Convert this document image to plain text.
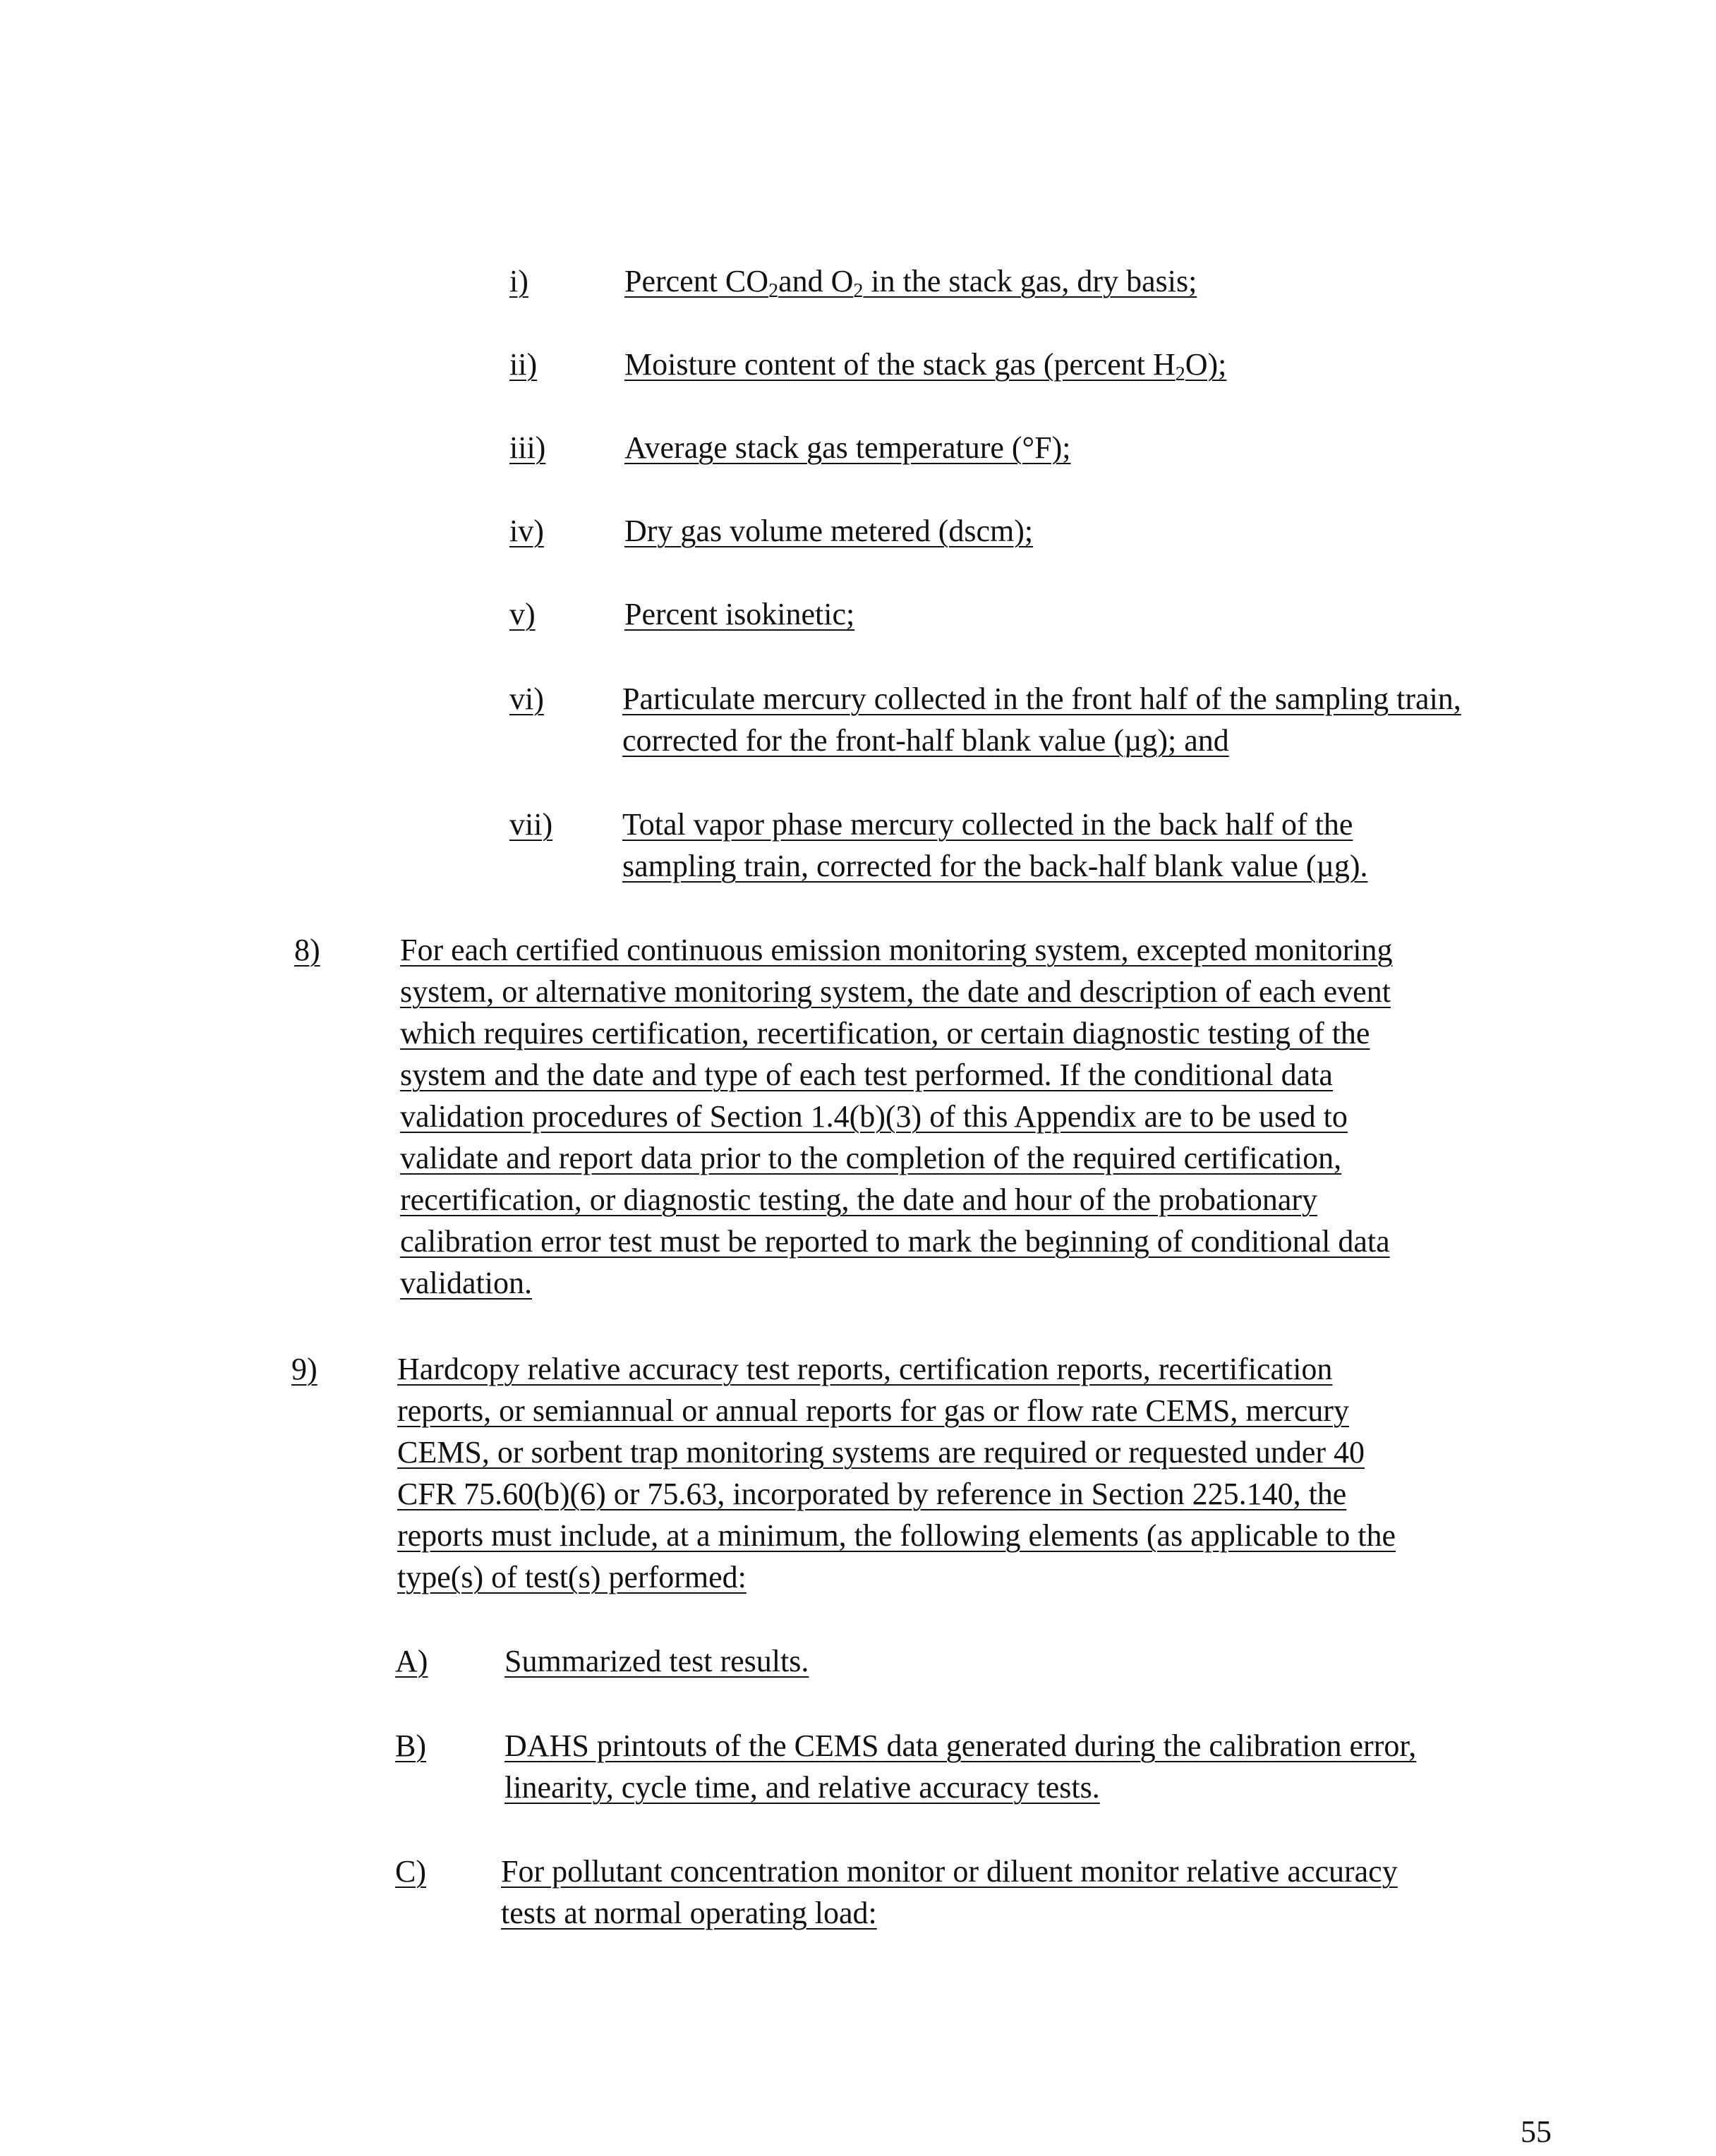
i)	Percent $CO_2and$ $O_2$ in the stack gas, dry basis;
ii)	Moisture content of the stack gas (percent $H_2O$);
iii)	Average stack gas temperature (°F);
iv)	Dry gas volume metered (dscm);
v)	Percent isokinetic;
vi)	Particulate mercury collected in the front half of the sampling train,
corrected for the front-half blank value (µg); and
vii) Total vapor phase mercury collected in the back half of the
sampling train, corrected for the back-half blank value (µg).
8)	For each certified continuous emission monitoring system, excepted monitoring
system, or alternative monitoring system, the date and description of each event
which requires certification, recertification, or certain diagnostic testing of the
system and the date and type of each test performed. If the conditional data
validation procedures of Section 1.4(b)(3) of this Appendix are to be used to
validate and report data prior to the completion of the required certification,
recertification, or diagnostic testing, the date and hour of the probationary
calibration error test must be reported to mark the beginning of conditional data
validation.
9)	Hardcopy relative accuracy test reports, certification reports, recertification
reports, or semiannual or annual reports for gas or flow rate CEMS, mercury
CEMS, or sorbent trap monitoring systems are required or requested under 40
CFR 75.60(b)(6) or 75.63, incorporated by reference in Section 225.140, the
reports must include, at a minimum, the following elements (as applicable to the
type(s) of test(s) performed:
A) Summarized test results.
B)	DAHS printouts of the CEMS data generated during the calibration error,
linearity, cycle time, and relative accuracy tests.
C) For pollutant concentration monitor or diluent monitor relative accuracy
tests at normal operating load:
55
